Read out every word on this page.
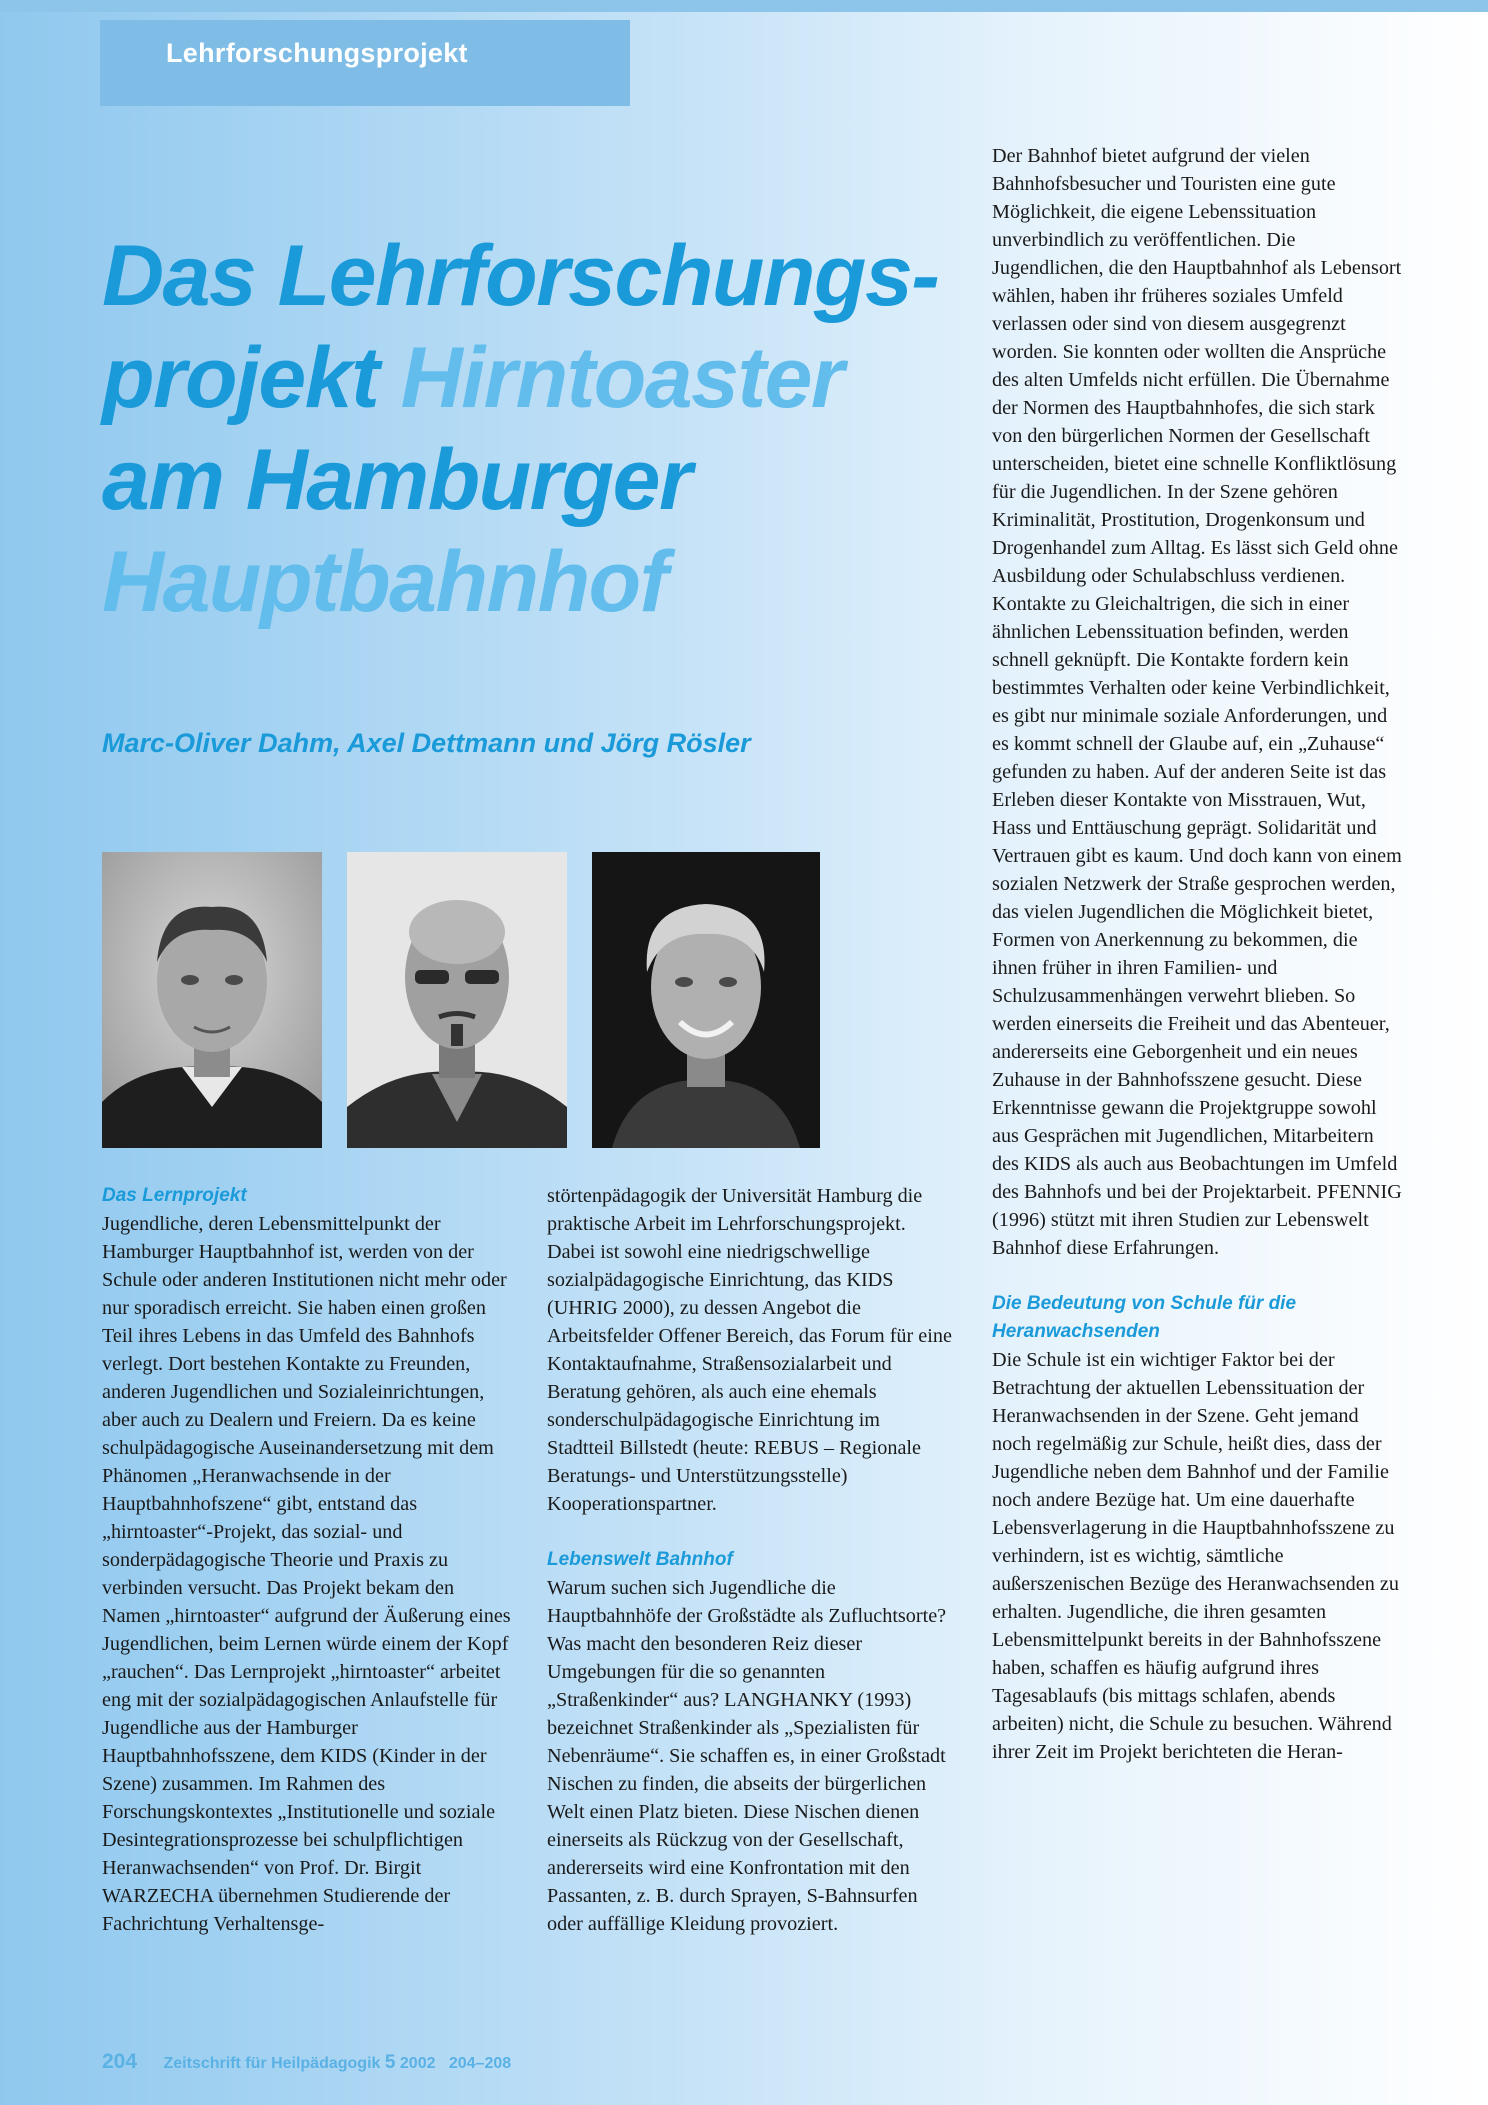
Lehrforschungsprojekt
Das Lehrforschungs-
projekt Hirntoaster
am Hamburger
Hauptbahnhof
Marc-Oliver Dahm, Axel Dettmann und Jörg Rösler

Das Lernprojekt

Jugendliche, deren Lebensmittelpunkt der Hamburger Hauptbahnhof ist, werden von der Schule oder anderen Institutionen nicht mehr oder nur sporadisch erreicht. Sie haben einen großen Teil ihres Lebens in das Umfeld des Bahnhofs verlegt. Dort bestehen Kontakte zu Freunden, anderen Jugendlichen und Sozialeinrichtungen, aber auch zu Dealern und Freiern. Da es keine schulpädagogische Auseinandersetzung mit dem Phänomen „Heranwachsende in der Hauptbahnhofszene“ gibt, entstand das „hirntoaster“-Projekt, das sozial- und sonderpädagogische Theorie und Praxis zu verbinden versucht. Das Projekt bekam den Namen „hirntoaster“ aufgrund der Äußerung eines Jugendlichen, beim Lernen würde einem der Kopf „rauchen“. Das Lernprojekt „hirntoaster“ arbeitet eng mit der sozialpädagogischen Anlaufstelle für Jugendliche aus der Hamburger Hauptbahnhofsszene, dem KIDS (Kinder in der Szene) zusammen. Im Rahmen des Forschungskontextes „Institutionelle und soziale Desintegrationsprozesse bei schulpflichtigen Heranwachsenden“ von Prof. Dr. Birgit WARZECHA übernehmen Studierende der Fachrichtung Verhaltensge-

störtenpädagogik der Universität Hamburg die praktische Arbeit im Lehrforschungsprojekt. Dabei ist sowohl eine niedrigschwellige sozialpädagogische Einrichtung, das KIDS (UHRIG 2000), zu dessen Angebot die Arbeitsfelder Offener Bereich, das Forum für eine Kontaktaufnahme, Straßensozialarbeit und Beratung gehören, als auch eine ehemals sonderschulpädagogische Einrichtung im Stadtteil Billstedt (heute: REBUS – Regionale Beratungs- und Unterstützungsstelle) Kooperationspartner.

Lebenswelt Bahnhof

Warum suchen sich Jugendliche die Hauptbahnhöfe der Großstädte als Zufluchtsorte? Was macht den besonderen Reiz dieser Umgebungen für die so genannten „Straßenkinder“ aus? LANGHANKY (1993) bezeichnet Straßenkinder als „Spezialisten für Nebenräume“. Sie schaffen es, in einer Großstadt Nischen zu finden, die abseits der bürgerlichen Welt einen Platz bieten. Diese Nischen dienen einerseits als Rückzug von der Gesellschaft, andererseits wird eine Konfrontation mit den Passanten, z. B. durch Sprayen, S-Bahnsurfen oder auffällige Kleidung provoziert.

Der Bahnhof bietet aufgrund der vielen Bahnhofsbesucher und Touristen eine gute Möglichkeit, die eigene Lebenssituation unverbindlich zu veröffentlichen. Die Jugendlichen, die den Hauptbahnhof als Lebensort wählen, haben ihr früheres soziales Umfeld verlassen oder sind von diesem ausgegrenzt worden. Sie konnten oder wollten die Ansprüche des alten Umfelds nicht erfüllen. Die Übernahme der Normen des Hauptbahnhofes, die sich stark von den bürgerlichen Normen der Gesellschaft unterscheiden, bietet eine schnelle Konfliktlösung für die Jugendlichen. In der Szene gehören Kriminalität, Prostitution, Drogenkonsum und Drogenhandel zum Alltag. Es lässt sich Geld ohne Ausbildung oder Schulabschluss verdienen. Kontakte zu Gleichaltrigen, die sich in einer ähnlichen Lebenssituation befinden, werden schnell geknüpft. Die Kontakte fordern kein bestimmtes Verhalten oder keine Verbindlichkeit, es gibt nur minimale soziale Anforderungen, und es kommt schnell der Glaube auf, ein „Zuhause“ gefunden zu haben. Auf der anderen Seite ist das Erleben dieser Kontakte von Misstrauen, Wut, Hass und Enttäuschung geprägt. Solidarität und Vertrauen gibt es kaum. Und doch kann von einem sozialen Netzwerk der Straße gesprochen werden, das vielen Jugendlichen die Möglichkeit bietet, Formen von Anerkennung zu bekommen, die ihnen früher in ihren Familien- und Schulzusammenhängen verwehrt blieben. So werden einerseits die Freiheit und das Abenteuer, andererseits eine Geborgenheit und ein neues Zuhause in der Bahnhofsszene gesucht. Diese Erkenntnisse gewann die Projektgruppe sowohl aus Gesprächen mit Jugendlichen, Mitarbeitern des KIDS als auch aus Beobachtungen im Umfeld des Bahnhofs und bei der Projektarbeit. PFENNIG (1996) stützt mit ihren Studien zur Lebenswelt Bahnhof diese Erfahrungen.

Die Bedeutung von Schule für die Heranwachsenden

Die Schule ist ein wichtiger Faktor bei der Betrachtung der aktuellen Lebenssituation der Heranwachsenden in der Szene. Geht jemand noch regelmäßig zur Schule, heißt dies, dass der Jugendliche neben dem Bahnhof und der Familie noch andere Bezüge hat. Um eine dauerhafte Lebensverlagerung in die Hauptbahnhofsszene zu verhindern, ist es wichtig, sämtliche außerszenischen Bezüge des Heranwachsenden zu erhalten. Jugendliche, die ihren gesamten Lebensmittelpunkt bereits in der Bahnhofsszene haben, schaffen es häufig aufgrund ihres Tagesablaufs (bis mittags schlafen, abends arbeiten) nicht, die Schule zu besuchen. Während ihrer Zeit im Projekt berichteten die Heran-

204 Zeitschrift für Heilpädagogik 5 2002 204–208
